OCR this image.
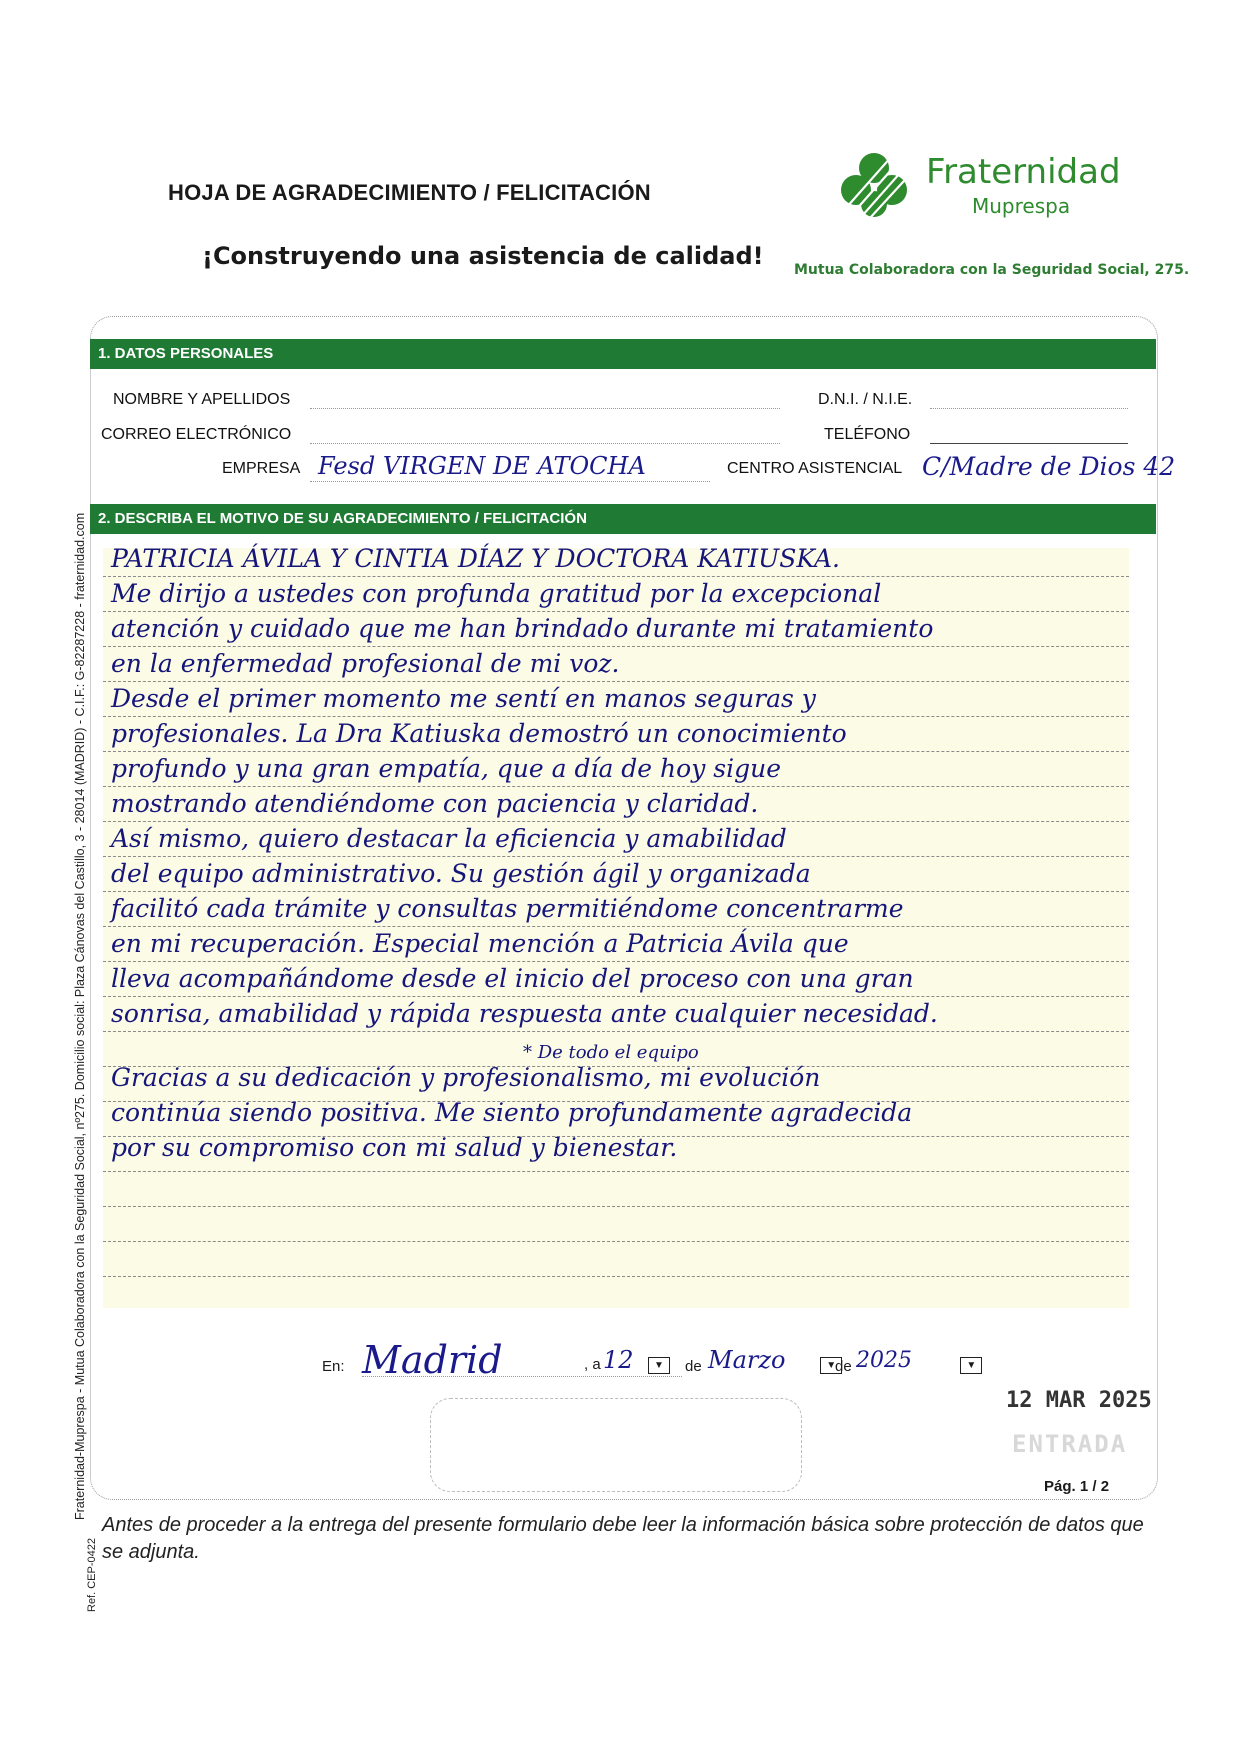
HOJA DE AGRADECIMIENTO / FELICITACIÓN
¡Construyendo una asistencia de calidad!
Fraternidad
Muprespa
Mutua Colaboradora con la Seguridad Social, 275.
Fraternidad-Muprespa - Mutua Colaboradora con la Seguridad Social, nº275. Domicilio social: Plaza Cánovas del Castillo, 3 - 28014 (MADRID) - C.I.F.: G-82287228 - fraternidad.com
Ref. CEP-0422
1. DATOS PERSONALES
NOMBRE Y APELLIDOS	D.N.I. / N.I.E.
CORREO ELECTRÓNICO	TELÉFONO
EMPRESA Fesd VIRGEN DE ATOCHA	CENTRO ASISTENCIAL C/Madre de Dios 42
2. DESCRIBA EL MOTIVO DE SU AGRADECIMIENTO / FELICITACIÓN
PATRICIA ÁVILA Y CINTIA DÍAZ Y DOCTORA KATIUSKA.
Me dirijo a ustedes con profunda gratitud por la excepcional
atención y cuidado que me han brindado durante mi tratamiento
en la enfermedad profesional de mi voz.
Desde el primer momento me sentí en manos seguras y
profesionales. La Dra Katiuska demostró un conocimiento
profundo y una gran empatía, que a día de hoy sigue
mostrando atendiéndome con paciencia y claridad.
Así mismo, quiero destacar la eficiencia y amabilidad
del equipo administrativo. Su gestión ágil y organizada
facilitó cada trámite y consultas permitiéndome concentrarme
en mi recuperación. Especial mención a Patricia Ávila que
lleva acompañándome desde el inicio del proceso con una gran
sonrisa, amabilidad y rápida respuesta ante cualquier necesidad.
* De todo el equipo
Gracias a su dedicación y profesionalismo, mi evolución
continúa siendo positiva. Me siento profundamente agradecida
por su compromiso con mi salud y bienestar.
En: Madrid	, a 12 ▼ de Marzo	▼
de 2025	▼
12 MAR 2025
ENTRADA
Pág. 1 / 2
Antes de proceder a la entrega del presente formulario debe leer la información básica sobre protección de datos que se adjunta.
